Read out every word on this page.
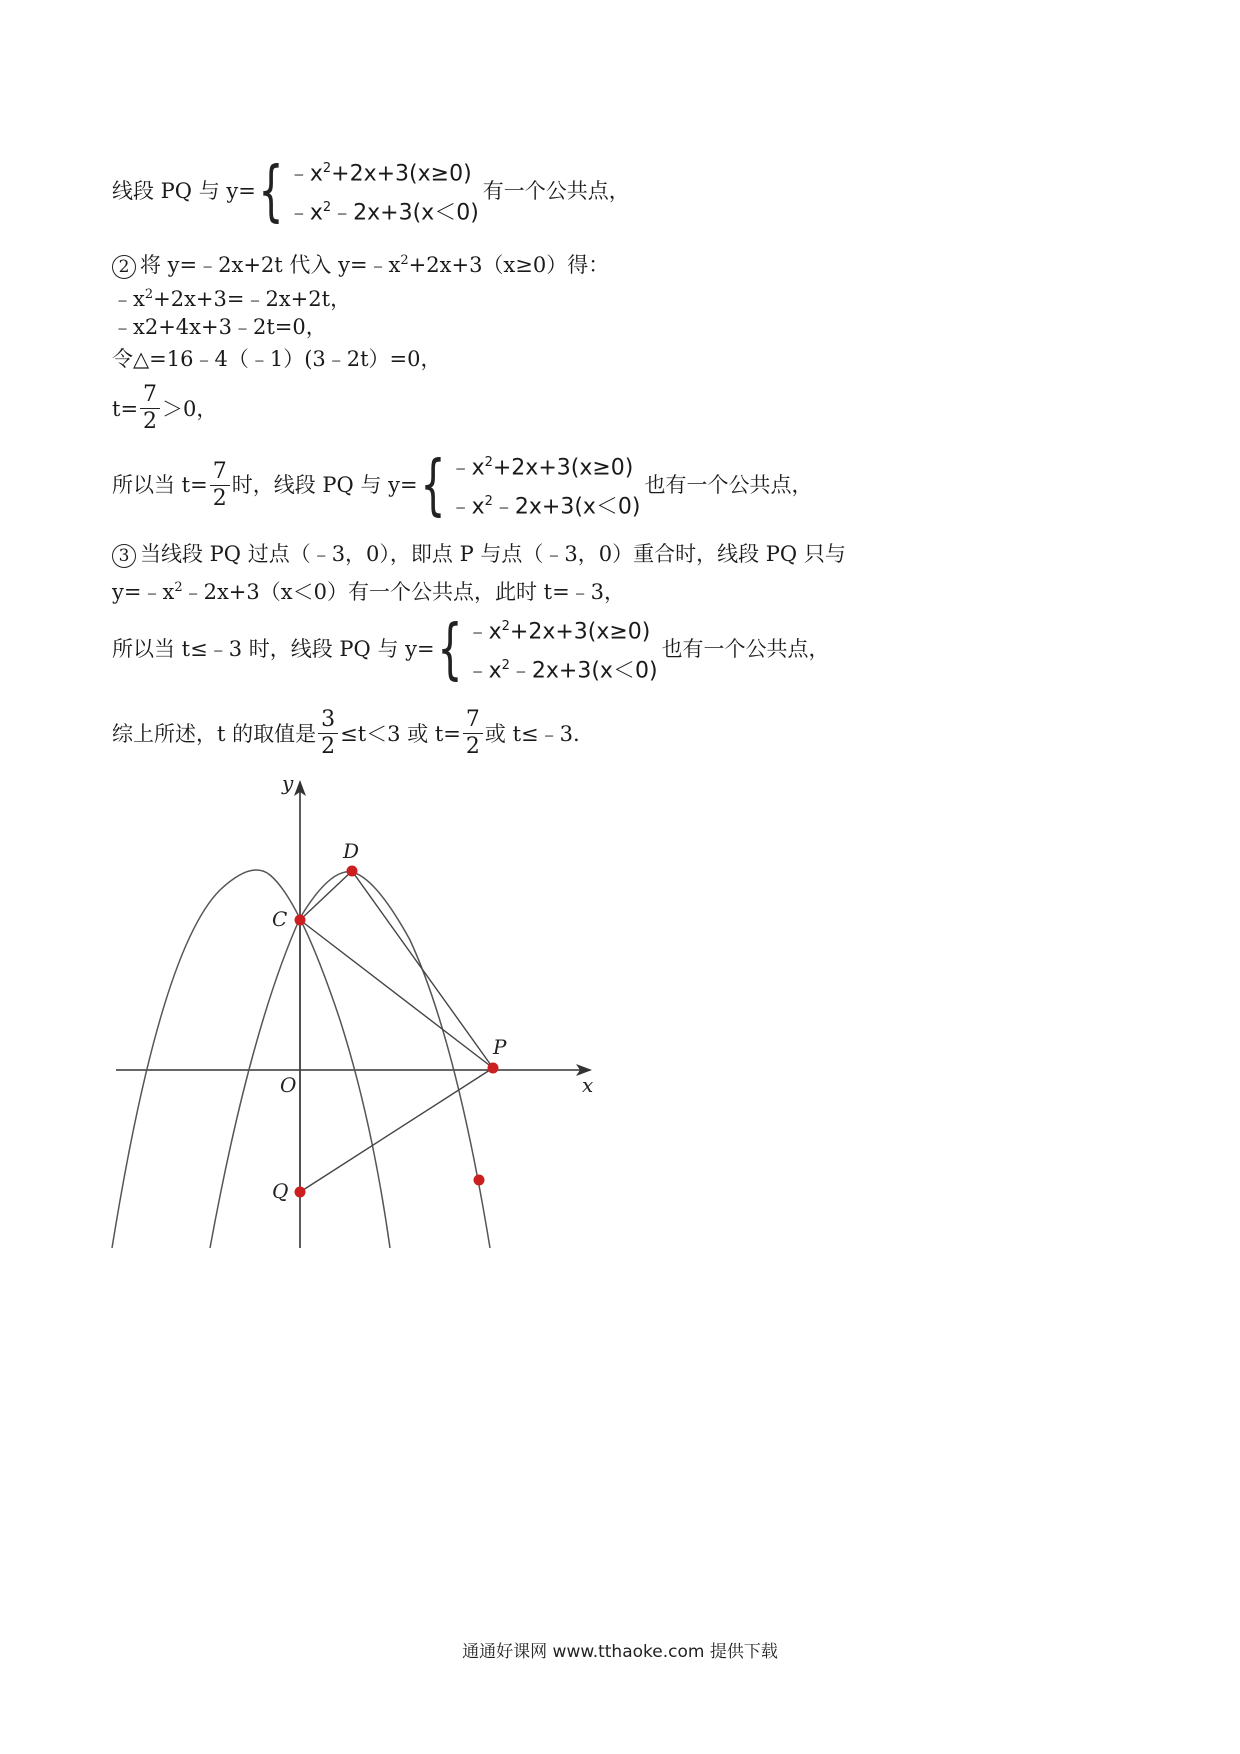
线段 PQ 与 y= { $﹣x^2+2x+3(x\ge 0)$
$﹣x^2﹣2x+3(x<0)$
有一个公共点，
2 将 y=﹣2x+2t 代入 $y=﹣x^2+2x+3(x\ge 0)$得：
$﹣x^2+2x+3=﹣2x+2t$，
﹣x2+4x+3﹣2t=0，
令△=16﹣4（﹣1）(3﹣2t）=0，
$t= \frac{7}{2} >0$，
所以当 $t= \frac{7}{2}$ 时，线段 PQ 与 y= { $﹣x^2+2x+3(x\ge 0)$
$﹣x^2﹣2x+3(x<0)$
也有一个公共点，
3 当线段 PQ 过点（﹣3，0），即点 P 与点（﹣3，0）重合时，线段 PQ 只与
$y=﹣x^2﹣2x+3(x<0)$有一个公共点，此时 t=﹣3，
所以当 t≤﹣3 时，线段 PQ 与 y= { $﹣x^2+2x+3(x\ge 0)$
$﹣x^2﹣2x+3(x<0)$
也有一个公共点，
综上所述，t 的取值是 $\frac{3}{2} \le t<3$ 或 $t= \frac{7}{2}$ 或 t≤﹣3.
y
x
O
C
D
P
Q
通通好课网 www.tthaoke.com 提供下载
